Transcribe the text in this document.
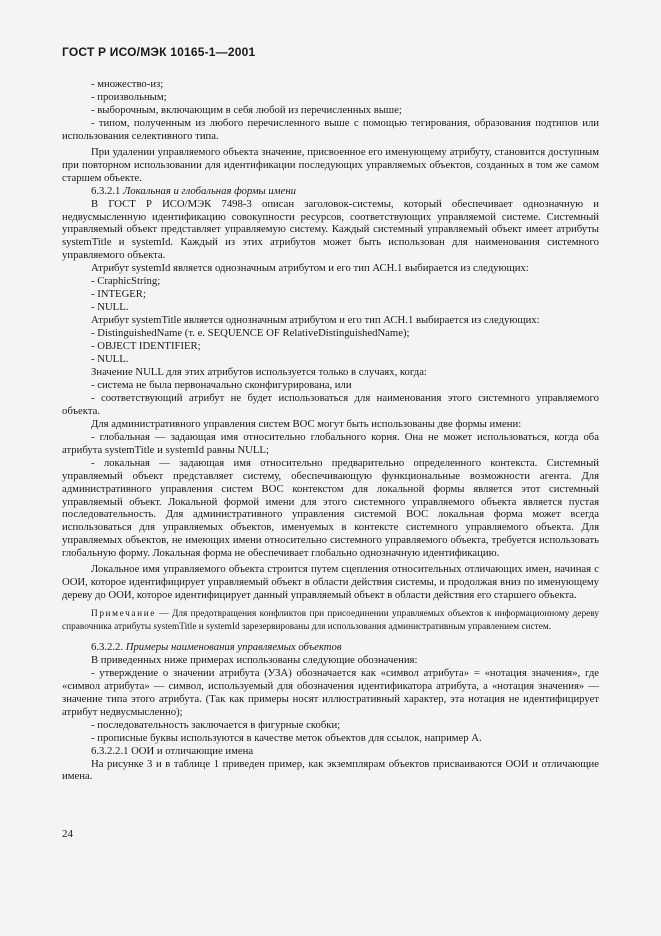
ГОСТ Р ИСО/МЭК 10165-1—2001

- множество-из;

- произвольным;

- выборочным, включающим в себя любой из перечисленных выше;

- типом, полученным из любого перечисленного выше с помощью тегирования, образования подтипов или использования селективного типа.

При удалении управляемого объекта значение, присвоенное его именующему атрибуту, становится доступным при повторном использовании для идентификации последующих управляемых объектов, созданных в том же самом старшем объекте.

6.3.2.1 Локальная и глобальная формы имени

В ГОСТ Р ИСО/МЭК 7498-3 описан заголовок-системы, который обеспечивает однозначную и недвусмысленную идентификацию совокупности ресурсов, соответствующих управляемой системе. Системный управляемый объект представляет управляемую систему. Каждый системный управляемый объект имеет атрибуты systemTitle и systemId. Каждый из этих атрибутов может быть использован для наименования системного управляемого объекта.

Атрибут systemId является однозначным атрибутом и его тип АСН.1 выбирается из следующих:

- CraphicString;

- INTEGER;

- NULL.

Атрибут systemTitle является однозначным атрибутом и его тип АСН.1 выбирается из следующих:

- DistinguishedName (т. е. SEQUENCE OF RelativeDistinguishedName);

- OBJECT IDENTIFIER;

- NULL.

Значение NULL для этих атрибутов используется только в случаях, когда:

- система не была первоначально сконфигурирована, или

- соответствующий атрибут не будет использоваться для наименования этого системного управляемого объекта.

Для административного управления систем ВОС могут быть использованы две формы имени:

- глобальная — задающая имя относительно глобального корня. Она не может использоваться, когда оба атрибута systemTitle и systemId равны NULL;

- локальная — задающая имя относительно предварительно определенного контекста. Системный управляемый объект представляет систему, обеспечивающую функциональные возможности агента. Для административного управления систем ВОС контекстом для локальной формы является этот системный управляемый объект. Локальной формой имени для этого системного управляемого объекта является пустая последовательность. Для административного управления системой ВОС локальная форма может всегда использоваться для управляемых объектов, именуемых в контексте системного управляемого объекта. Для управляемых объектов, не имеющих имени относительно системного управляемого объекта, требуется использовать глобальную форму. Локальная форма не обеспечивает глобально однозначную идентификацию.

Локальное имя управляемого объекта строится путем сцепления относительных отличающих имен, начиная с ООИ, которое идентифицирует управляемый объект в области действия системы, и продолжая вниз по именующему дереву до ООИ, которое идентифицирует данный управляемый объект в области действия его старшего объекта.

Примечание — Для предотвращения конфликтов при присоединении управляемых объектов к информационному дереву справочника атрибуты systemTitle и systemId зарезервированы для использования административным управлением систем.

6.3.2.2. Примеры наименования управляемых объектов

В приведенных ниже примерах использованы следующие обозначения:

- утверждение о значении атрибута (УЗА) обозначается как «символ атрибута» = «нотация значения», где «символ атрибута» — символ, используемый для обозначения идентификатора атрибута, а «нотация значения» — значение типа этого атрибута. (Так как примеры носят иллюстративный характер, эта нотация не идентифицирует атрибут недвусмысленно);

- последовательность заключается в фигурные скобки;

- прописные буквы используются в качестве меток объектов для ссылок, например А.

6.3.2.2.1 ООИ и отличающие имена

На рисунке 3 и в таблице 1 приведен пример, как экземплярам объектов присваиваются ООИ и отличающие имена.

24
